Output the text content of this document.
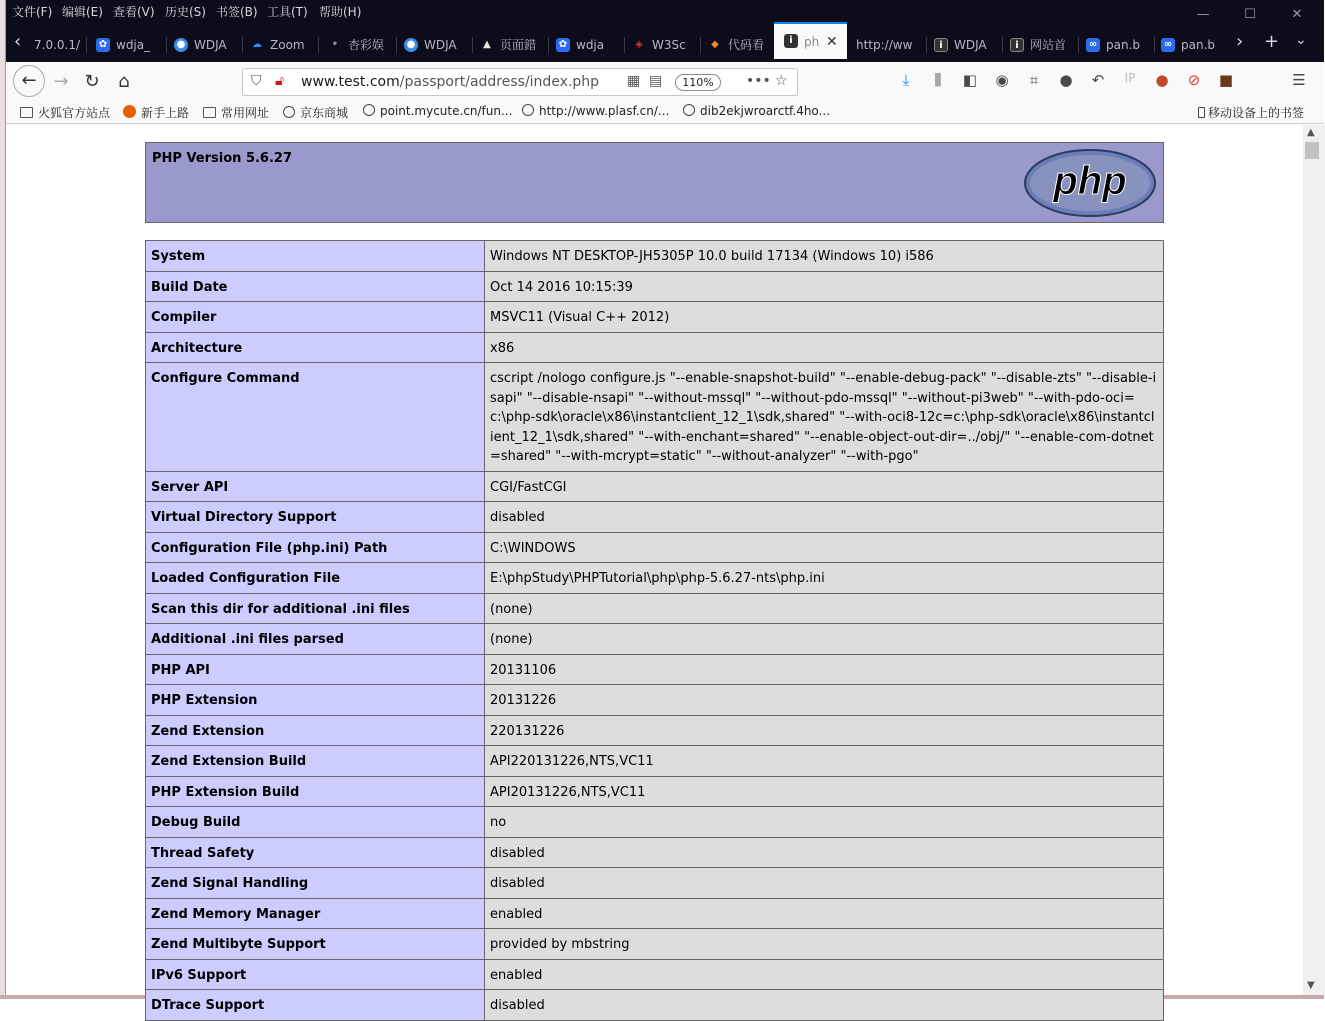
文件(F) 编辑(E) 查看(V) 历史(S) 书签(B) 工具(T) 帮助(H)	—	☐	✕
‹ 7.0.0.1/ ✿ wdja_	● WDJA	☁ Zoom	• 杏彩娱 ● WDJA	▲ 页面錯 ✿ wdja	◈ W3Sc	◆ 代码看	i ph ✕ http://ww	i WDJA	i 网站首 ∞ pan.b ∞ pan.b › + ⌄
← → ↻	⌂	⛉ 🔓︎ www.test.com/passport/address/index.php ▦ ▤	110%	••• ☆	⤓	⫼	◧ ◉	⌗	● ↶	IP	● ⊘ ■	☰
火狐官方站点	新手上路	常用网址	京东商城	point.mycute.cn/fun...	http://www.plasf.cn/...	dib2ekjwroarctf.4ho...	移动设备上的书签
PHP Version 5.6.27
php
System	Windows NT DESKTOP-JH5305P 10.0 build 17134 (Windows 10) i586
Build Date	Oct 14 2016 10:15:39
Compiler	MSVC11 (Visual C++ 2012)
Architecture	x86
Configure Command	cscript /nologo configure.js "--enable-snapshot-build" "--enable-debug-pack" "--disable-zts" "--disable-isapi" "--disable-nsapi" "--without-mssql" "--without-pdo-mssql" "--without-pi3web" "--with-pdo-oci=c:\php-sdk\oracle\x86\instantclient_12_1\sdk,shared" "--with-oci8-12c=c:\php-sdk\oracle\x86\instantclient_12_1\sdk,shared" "--with-enchant=shared" "--enable-object-out-dir=../obj/" "--enable-com-dotnet=shared" "--with-mcrypt=static" "--without-analyzer" "--with-pgo"
Server API	CGI/FastCGI
Virtual Directory Support	disabled
Configuration File (php.ini) Path	C:\WINDOWS
Loaded Configuration File	E:\phpStudy\PHPTutorial\php\php-5.6.27-nts\php.ini
Scan this dir for additional .ini files	(none)
Additional .ini files parsed	(none)
PHP API	20131106
PHP Extension	20131226
Zend Extension	220131226
Zend Extension Build	API220131226,NTS,VC11
PHP Extension Build	API20131226,NTS,VC11
Debug Build	no
Thread Safety	disabled
Zend Signal Handling	disabled
Zend Memory Manager	enabled
Zend Multibyte Support	provided by mbstring
IPv6 Support	enabled
DTrace Support	disabled
▲
▼
